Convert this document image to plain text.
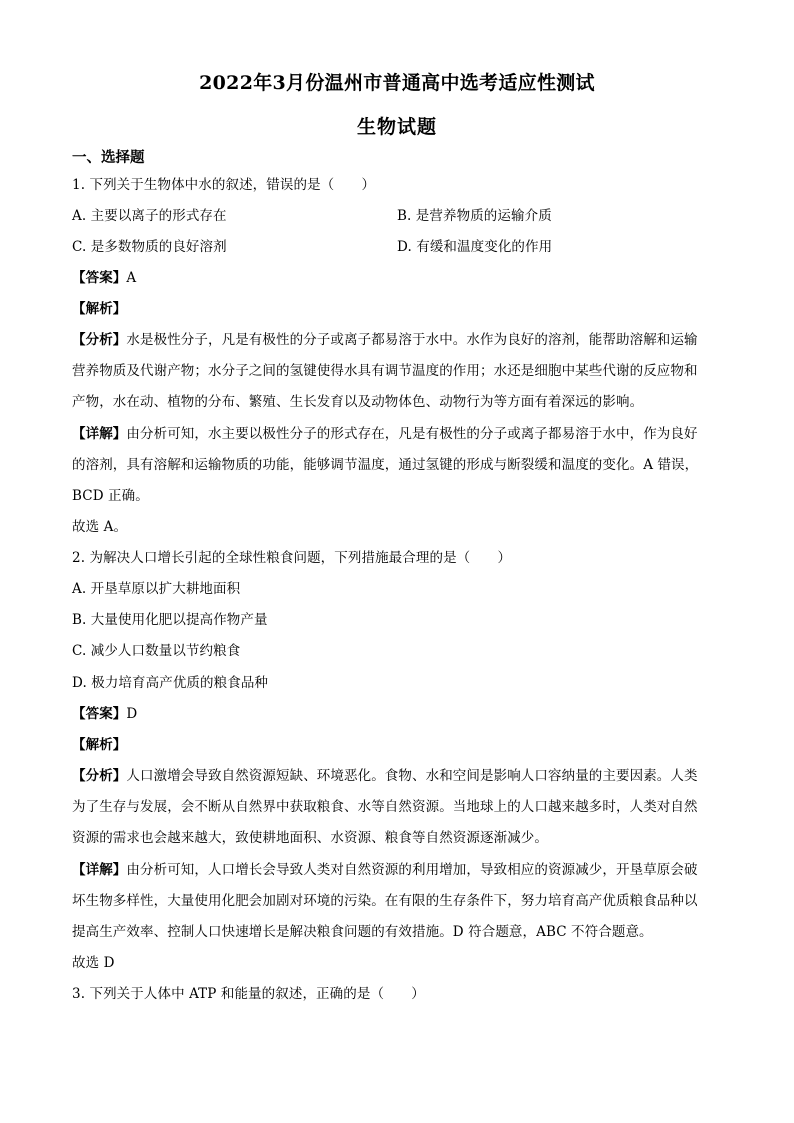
2022年3月份温州市普通高中选考适应性测试
生物试题
一、选择题
1. 下列关于生物体中水的叙述，错误的是（　　）
A. 主要以离子的形式存在	B. 是营养物质的运输介质
C. 是多数物质的良好溶剂	D. 有缓和温度变化的作用
【答案】A
【解析】
【分析】水是极性分子，凡是有极性的分子或离子都易溶于水中。水作为良好的溶剂，能帮助溶解和运输
营养物质及代谢产物；水分子之间的氢键使得水具有调节温度的作用；水还是细胞中某些代谢的反应物和
产物，水在动、植物的分布、繁殖、生长发育以及动物体色、动物行为等方面有着深远的影响。
【详解】由分析可知，水主要以极性分子的形式存在，凡是有极性的分子或离子都易溶于水中，作为良好
的溶剂，具有溶解和运输物质的功能，能够调节温度，通过氢键的形成与断裂缓和温度的变化。A 错误，
BCD 正确。
故选 A。
2. 为解决人口增长引起的全球性粮食问题，下列措施最合理的是（　　）
A. 开垦草原以扩大耕地面积
B. 大量使用化肥以提高作物产量
C. 减少人口数量以节约粮食
D. 极力培育高产优质的粮食品种
【答案】D
【解析】
【分析】人口激增会导致自然资源短缺、环境恶化。食物、水和空间是影响人口容纳量的主要因素。人类
为了生存与发展，会不断从自然界中获取粮食、水等自然资源。当地球上的人口越来越多时，人类对自然
资源的需求也会越来越大，致使耕地面积、水资源、粮食等自然资源逐渐减少。
【详解】由分析可知，人口增长会导致人类对自然资源的利用增加，导致相应的资源减少，开垦草原会破
坏生物多样性，大量使用化肥会加剧对环境的污染。在有限的生存条件下，努力培育高产优质粮食品种以
提高生产效率、控制人口快速增长是解决粮食问题的有效措施。D 符合题意，ABC 不符合题意。
故选 D
3. 下列关于人体中 ATP 和能量的叙述，正确的是（　　）
